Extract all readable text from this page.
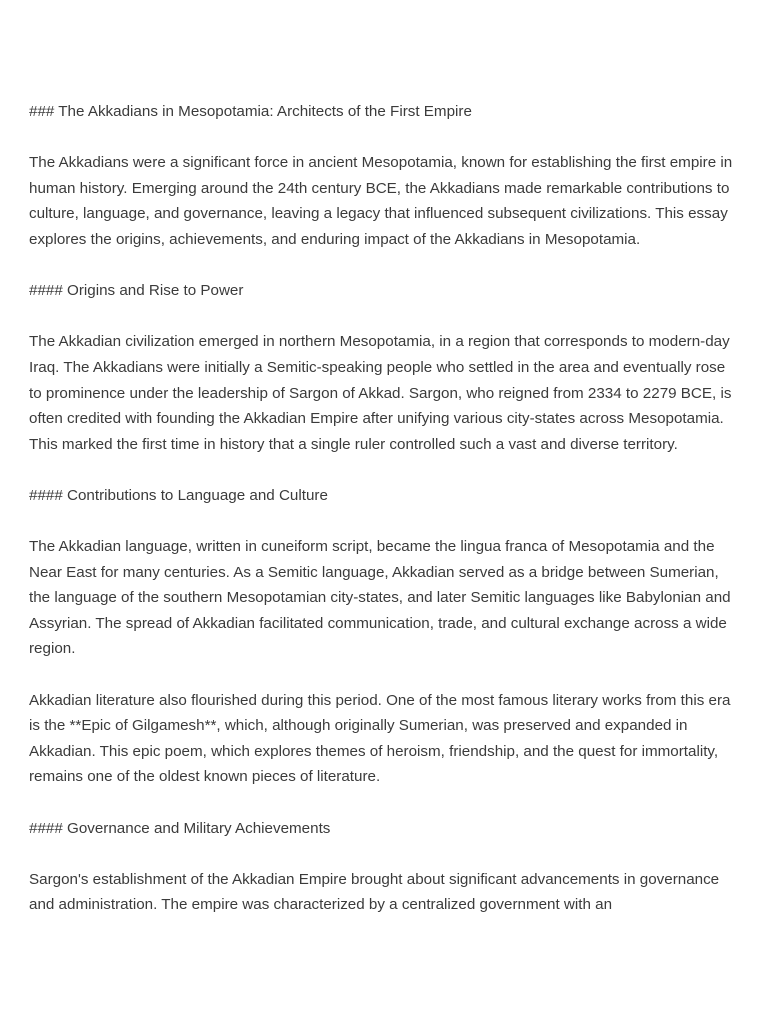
### The Akkadians in Mesopotamia: Architects of the First Empire

The Akkadians were a significant force in ancient Mesopotamia, known for establishing the first empire in human history. Emerging around the 24th century BCE, the Akkadians made remarkable contributions to culture, language, and governance, leaving a legacy that influenced subsequent civilizations. This essay explores the origins, achievements, and enduring impact of the Akkadians in Mesopotamia.

#### Origins and Rise to Power

The Akkadian civilization emerged in northern Mesopotamia, in a region that corresponds to modern-day Iraq. The Akkadians were initially a Semitic-speaking people who settled in the area and eventually rose to prominence under the leadership of Sargon of Akkad. Sargon, who reigned from 2334 to 2279 BCE, is often credited with founding the Akkadian Empire after unifying various city-states across Mesopotamia. This marked the first time in history that a single ruler controlled such a vast and diverse territory.

#### Contributions to Language and Culture

The Akkadian language, written in cuneiform script, became the lingua franca of Mesopotamia and the Near East for many centuries. As a Semitic language, Akkadian served as a bridge between Sumerian, the language of the southern Mesopotamian city-states, and later Semitic languages like Babylonian and Assyrian. The spread of Akkadian facilitated communication, trade, and cultural exchange across a wide region.

Akkadian literature also flourished during this period. One of the most famous literary works from this era is the **Epic of Gilgamesh**, which, although originally Sumerian, was preserved and expanded in Akkadian. This epic poem, which explores themes of heroism, friendship, and the quest for immortality, remains one of the oldest known pieces of literature.

#### Governance and Military Achievements

Sargon's establishment of the Akkadian Empire brought about significant advancements in governance and administration. The empire was characterized by a centralized government with an
